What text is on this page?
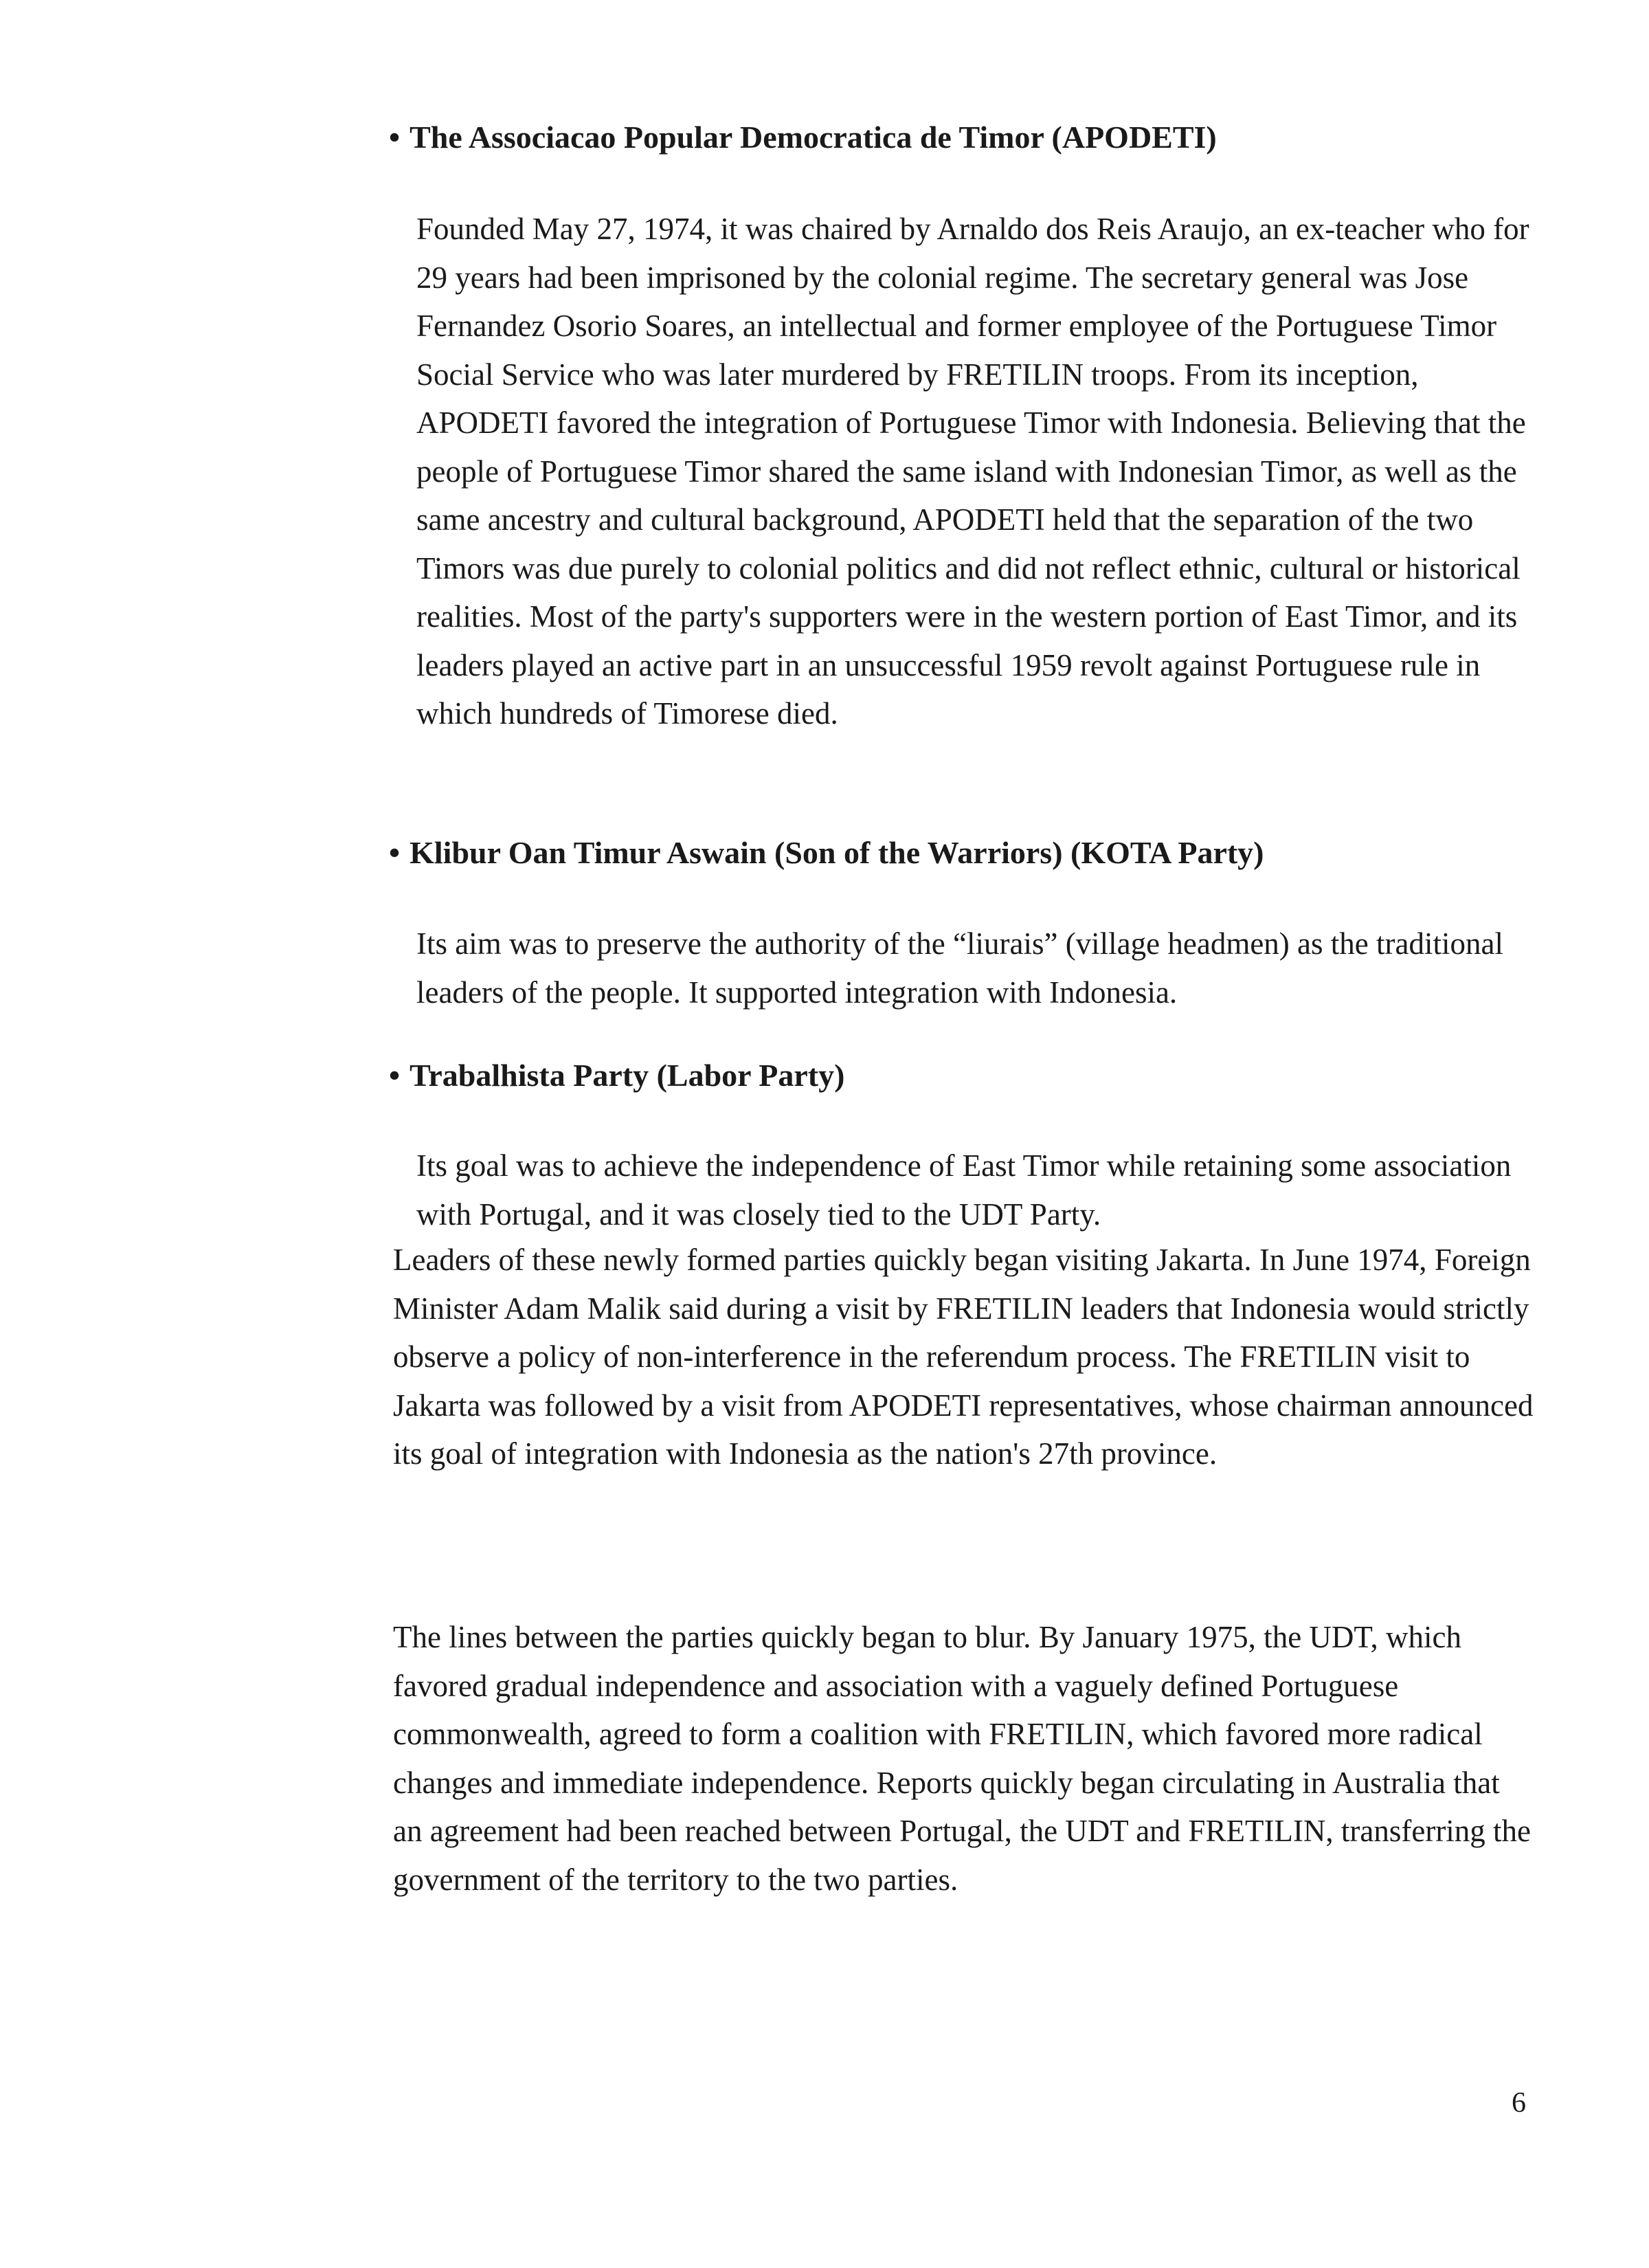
• The Associacao Popular Democratica de Timor (APODETI)

Founded May 27, 1974, it was chaired by Arnaldo dos Reis Araujo, an ex-teacher who for 29 years had been imprisoned by the colonial regime. The secretary general was Jose Fernandez Osorio Soares, an intellectual and former employee of the Portuguese Timor Social Service who was later murdered by FRETILIN troops. From its inception, APODETI favored the integration of Portuguese Timor with Indonesia. Believing that the people of Portuguese Timor shared the same island with Indonesian Timor, as well as the same ancestry and cultural background, APODETI held that the separation of the two Timors was due purely to colonial politics and did not reflect ethnic, cultural or historical realities. Most of the party's supporters were in the western portion of East Timor, and its leaders played an active part in an unsuccessful 1959 revolt against Portuguese rule in which hundreds of Timorese died.

• Klibur Oan Timur Aswain (Son of the Warriors) (KOTA Party)

Its aim was to preserve the authority of the “liurais” (village headmen) as the traditional leaders of the people. It supported integration with Indonesia.

• Trabalhista Party (Labor Party)

Its goal was to achieve the independence of East Timor while retaining some association with Portugal, and it was closely tied to the UDT Party.

Leaders of these newly formed parties quickly began visiting Jakarta. In June 1974, Foreign Minister Adam Malik said during a visit by FRETILIN leaders that Indonesia would strictly observe a policy of non-interference in the referendum process. The FRETILIN visit to Jakarta was followed by a visit from APODETI representatives, whose chairman announced its goal of integration with Indonesia as the nation's 27th province.

The lines between the parties quickly began to blur. By January 1975, the UDT, which favored gradual independence and association with a vaguely defined Portuguese commonwealth, agreed to form a coalition with FRETILIN, which favored more radical changes and immediate independence. Reports quickly began circulating in Australia that an agreement had been reached between Portugal, the UDT and FRETILIN, transferring the government of the territory to the two parties.

6
